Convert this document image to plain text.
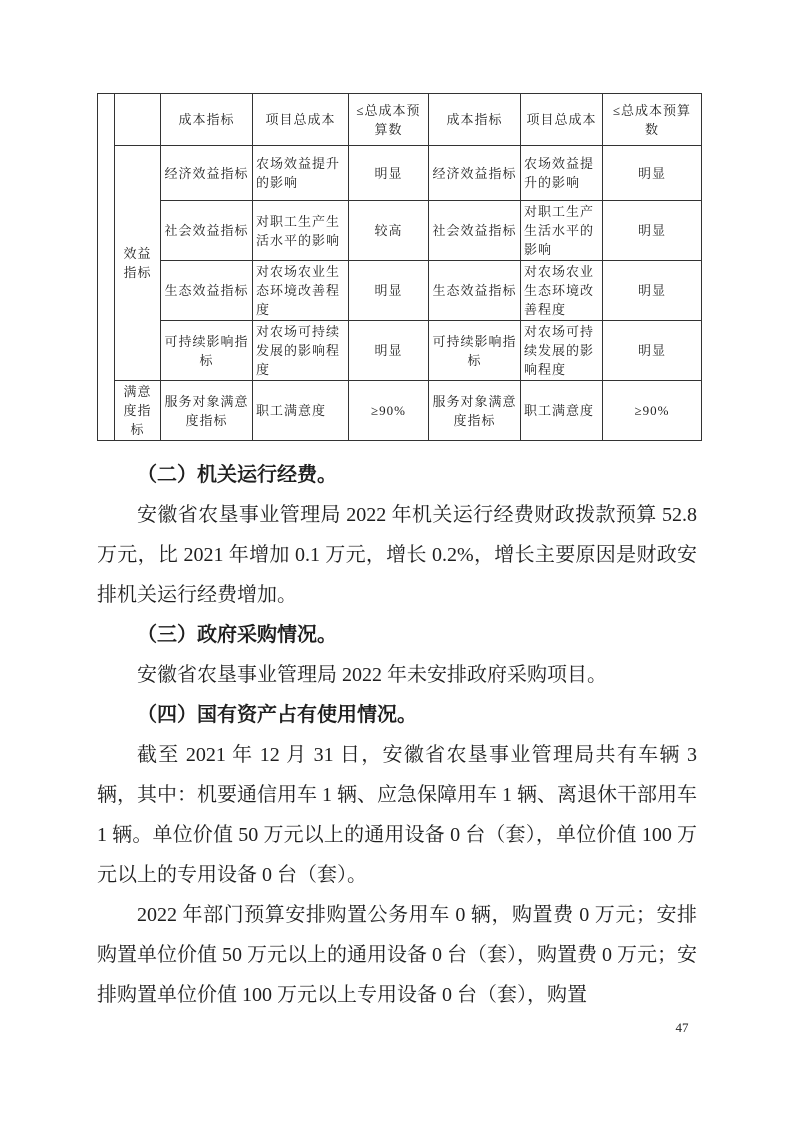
		成本指标	项目总成本	≤总成本预算数	成本指标	项目总成本	≤总成本预算数
	效益指标	经济效益指标	农场效益提升的影响	明显	经济效益指标	农场效益提升的影响	明显
		社会效益指标	对职工生产生活水平的影响	较高	社会效益指标	对职工生产生活水平的影响	明显
		生态效益指标	对农场农业生态环境改善程度	明显	生态效益指标	对农场农业生态环境改善程度	明显
		可持续影响指标	对农场可持续发展的影响程度	明显	可持续影响指标	对农场可持续发展的影响程度	明显
	满意度指标	服务对象满意度指标	职工满意度	≥90%	服务对象满意度指标	职工满意度	≥90%
（二）机关运行经费。

安徽省农垦事业管理局 2022 年机关运行经费财政拨款预算 52.8 万元，比 2021 年增加 0.1 万元，增长 0.2%，增长主要原因是财政安排机关运行经费增加。

（三）政府采购情况。

安徽省农垦事业管理局 2022 年未安排政府采购项目。

（四）国有资产占有使用情况。

截至 2021 年 12 月 31 日，安徽省农垦事业管理局共有车辆 3 辆，其中：机要通信用车 1 辆、应急保障用车 1 辆、离退休干部用车 1 辆。单位价值 50 万元以上的通用设备 0 台（套），单位价值 100 万元以上的专用设备 0 台（套）。

2022 年部门预算安排购置公务用车 0 辆，购置费 0 万元；安排购置单位价值 50 万元以上的通用设备 0 台（套），购置费 0 万元；安排购置单位价值 100 万元以上专用设备 0 台（套），购置

47
